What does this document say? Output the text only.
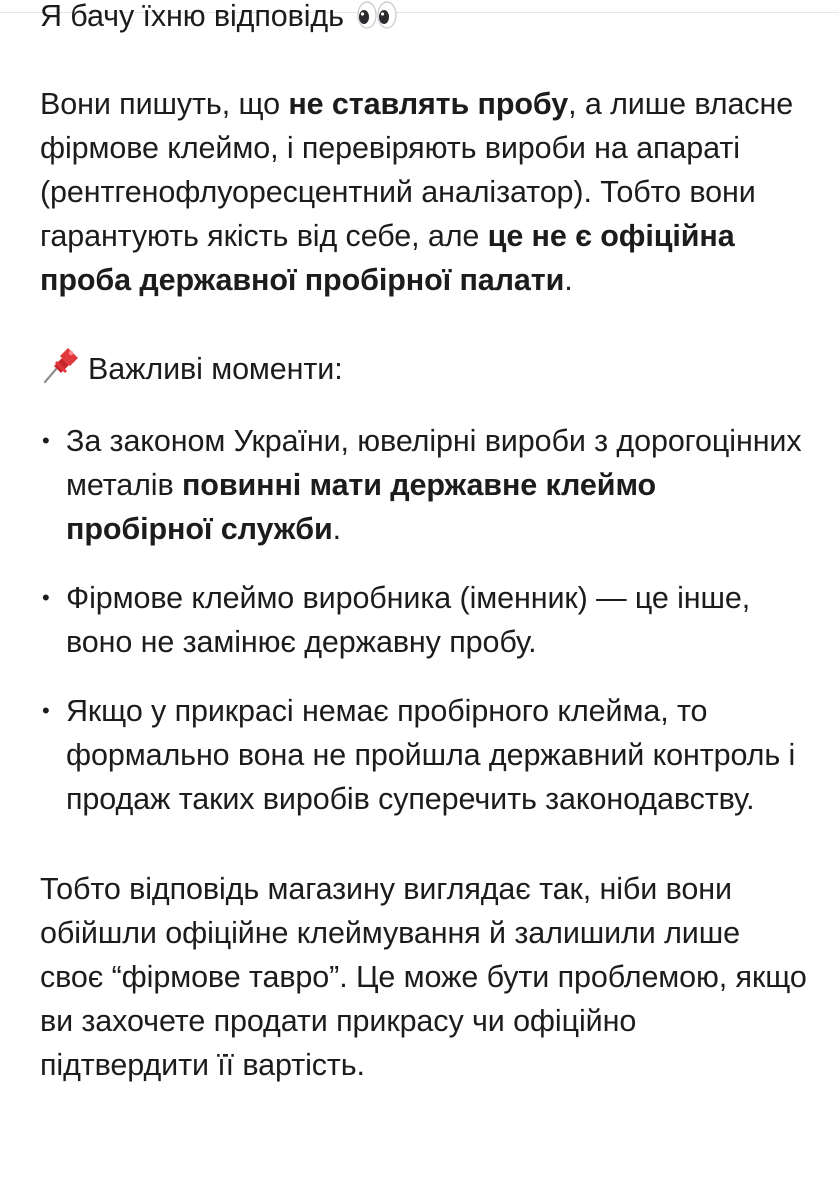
Я бачу їхню відповідь

Вони пишуть, що не ставлять пробу, а лише власне фірмове клеймо, і перевіряють вироби на апараті (рентгенофлуоресцентний аналізатор). Тобто вони гарантують якість від себе, але це не є офіційна проба державної пробірної палати.

Важливі моменти:

• За законом України, ювелірні вироби з дорогоцінних металів повинні мати державне клеймо пробірної служби.
• Фірмове клеймо виробника (іменник) — це інше, воно не замінює державну пробу.
• Якщо у прикрасі немає пробірного клейма, то формально вона не пройшла державний контроль і продаж таких виробів суперечить законодавству.

Тобто відповідь магазину виглядає так, ніби вони обійшли офіційне клеймування й залишили лише своє “фірмове тавро”. Це може бути проблемою, якщо ви захочете продати прикрасу чи офіційно підтвердити її вартість.
